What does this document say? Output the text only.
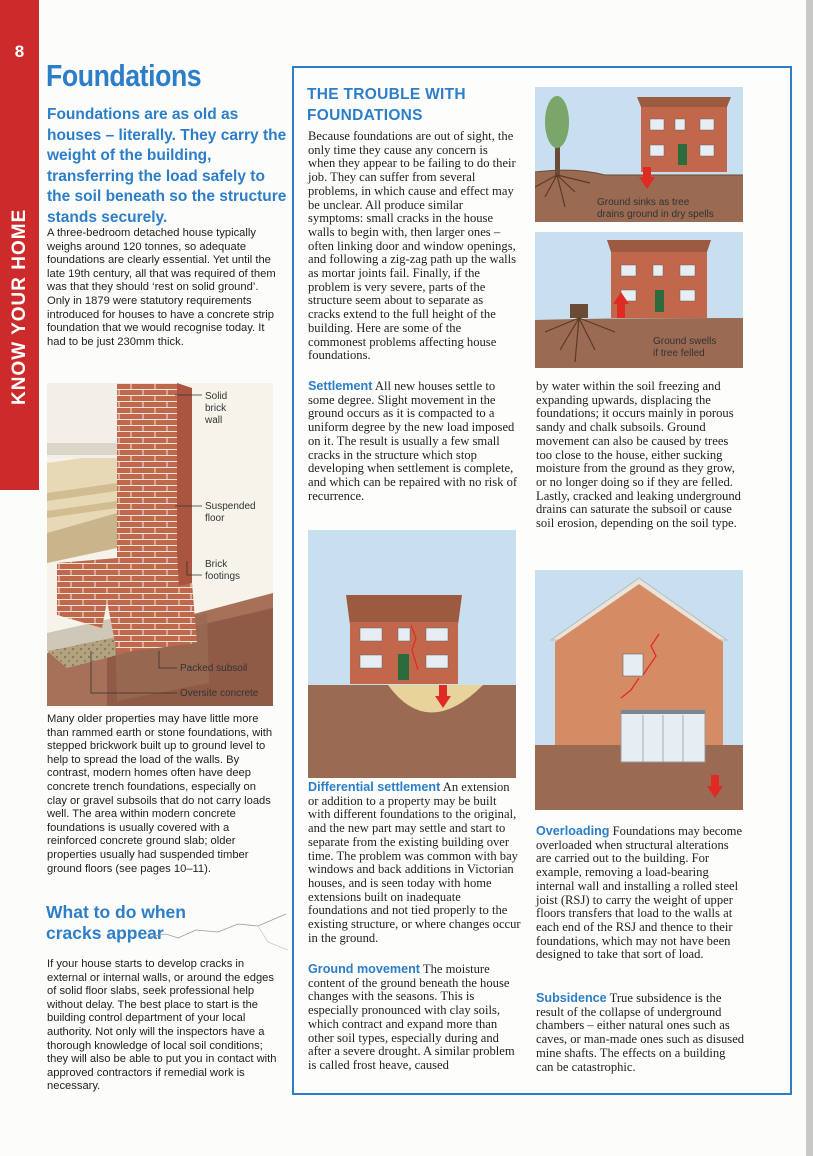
8
KNOW YOUR HOME
Foundations

Foundations are as old as houses – literally. They carry the weight of the building, transferring the load safely to the soil beneath so the structure stands securely.

A three-bedroom detached house typically weighs around 120 tonnes, so adequate foundations are clearly essential. Yet until the late 19th century, all that was required of them was that they should ‘rest on solid ground’. Only in 1879 were statutory requirements introduced for houses to have a concrete strip foundation that we would recognise today. It had to be just 230mm thick.

Solid brick wall
Suspended floor
Brick footings
Packed subsoil
Oversite concrete

Many older properties may have little more than rammed earth or stone foundations, with stepped brickwork built up to ground level to help to spread the load of the walls. By contrast, modern homes often have deep concrete trench foundations, especially on clay or gravel subsoils that do not carry loads well. The area within modern concrete foundations is usually covered with a reinforced concrete ground slab; older properties usually had suspended timber ground floors (see pages 10–11).

What to do when cracks appear

If your house starts to develop cracks in external or internal walls, or around the edges of solid floor slabs, seek professional help without delay. The best place to start is the building control department of your local authority. Not only will the inspectors have a thorough knowledge of local soil conditions; they will also be able to put you in contact with approved contractors if remedial work is necessary.

THE TROUBLE WITH FOUNDATIONS

Because foundations are out of sight, the only time they cause any concern is when they appear to be failing to do their job. They can suffer from several problems, in which cause and effect may be unclear. All produce similar symptoms: small cracks in the house walls to begin with, then larger ones – often linking door and window openings, and following a zig-zag path up the walls as mortar joints fail. Finally, if the problem is very severe, parts of the structure seem about to separate as cracks extend to the full height of the building. Here are some of the commonest problems affecting house foundations.

Ground sinks as tree drains ground in dry spells
Ground swells if tree felled

Settlement All new houses settle to some degree. Slight movement in the ground occurs as it is compacted to a uniform degree by the new load imposed on it. The result is usually a few small cracks in the structure which stop developing when settlement is complete, and which can be repaired with no risk of recurrence.

by water within the soil freezing and expanding upwards, displacing the foundations; it occurs mainly in porous sandy and chalk subsoils. Ground movement can also be caused by trees too close to the house, either sucking moisture from the ground as they grow, or no longer doing so if they are felled. Lastly, cracked and leaking underground drains can saturate the subsoil or cause soil erosion, depending on the soil type.

Differential settlement An extension or addition to a property may be built with different foundations to the original, and the new part may settle and start to separate from the existing building over time. The problem was common with bay windows and back additions in Victorian houses, and is seen today with home extensions built on inadequate foundations and not tied properly to the existing structure, or where changes occur in the ground.

Ground movement The moisture content of the ground beneath the house changes with the seasons. This is especially pronounced with clay soils, which contract and expand more than other soil types, especially during and after a severe drought. A similar problem is called frost heave, caused

Overloading Foundations may become overloaded when structural alterations are carried out to the building. For example, removing a load-bearing internal wall and installing a rolled steel joist (RSJ) to carry the weight of upper floors transfers that load to the walls at each end of the RSJ and thence to their foundations, which may not have been designed to take that sort of load.

Subsidence True subsidence is the result of the collapse of underground chambers – either natural ones such as caves, or man-made ones such as disused mine shafts. The effects on a building can be catastrophic.
